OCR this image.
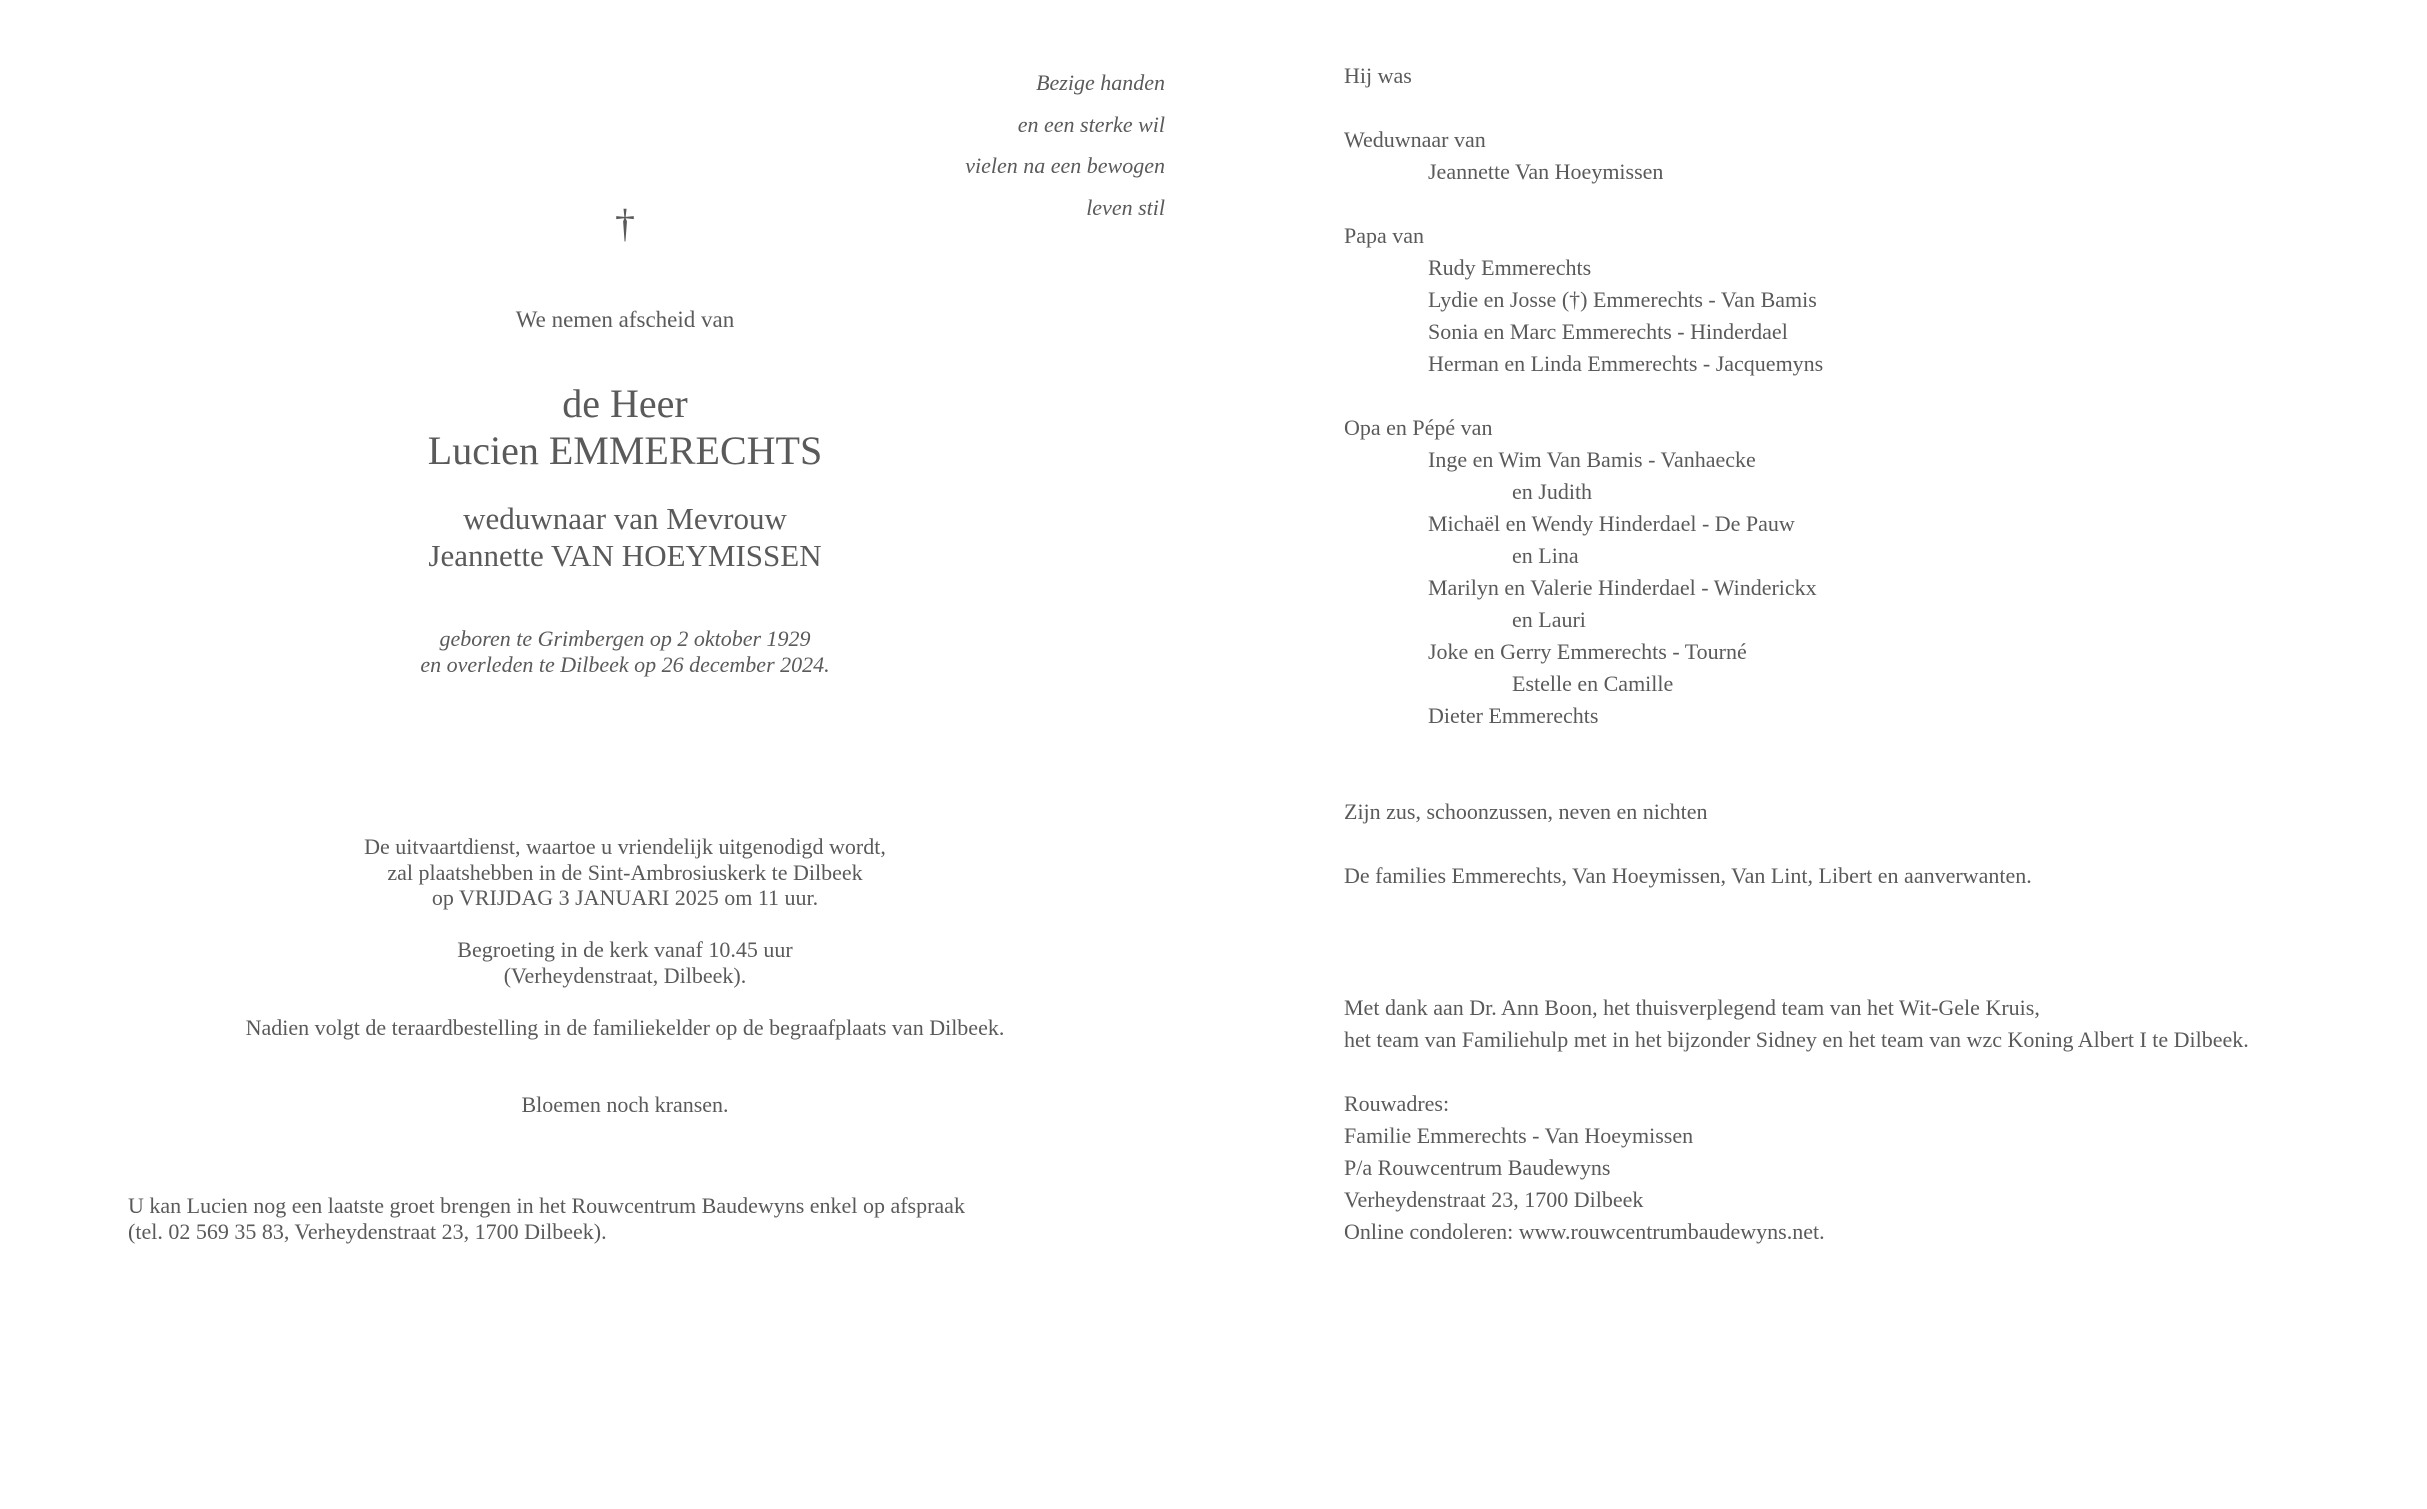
Bezige handen
en een sterke wil
vielen na een bewogen
leven stil
†
We nemen afscheid van
de Heer
Lucien EMMERECHTS
weduwnaar van Mevrouw
Jeannette VAN HOEYMISSEN
geboren te Grimbergen op 2 oktober 1929
en overleden te Dilbeek op 26 december 2024.
De uitvaartdienst, waartoe u vriendelijk uitgenodigd wordt,
zal plaatshebben in de Sint-Ambrosiuskerk te Dilbeek
op VRIJDAG 3 JANUARI 2025 om 11 uur.
Begroeting in de kerk vanaf 10.45 uur
(Verheydenstraat, Dilbeek).
Nadien volgt de teraardbestelling in de familiekelder op de begraafplaats van Dilbeek.
Bloemen noch kransen.
U kan Lucien nog een laatste groet brengen in het Rouwcentrum Baudewyns enkel op afspraak
(tel. 02 569 35 83, Verheydenstraat 23, 1700 Dilbeek).
Hij was
Weduwnaar van
Jeannette Van Hoeymissen
Papa van
Rudy Emmerechts
Lydie en Josse (†) Emmerechts - Van Bamis
Sonia en Marc Emmerechts - Hinderdael
Herman en Linda Emmerechts - Jacquemyns
Opa en Pépé van
Inge en Wim Van Bamis - Vanhaecke
en Judith
Michaël en Wendy Hinderdael - De Pauw
en Lina
Marilyn en Valerie Hinderdael - Winderickx
en Lauri
Joke en Gerry Emmerechts - Tourné
Estelle en Camille
Dieter Emmerechts
Zijn zus, schoonzussen, neven en nichten
De families Emmerechts, Van Hoeymissen, Van Lint, Libert en aanverwanten.
Met dank aan Dr. Ann Boon, het thuisverplegend team van het Wit-Gele Kruis,
het team van Familiehulp met in het bijzonder Sidney en het team van wzc Koning Albert I te Dilbeek.
Rouwadres:
Familie Emmerechts - Van Hoeymissen
P/a Rouwcentrum Baudewyns
Verheydenstraat 23, 1700 Dilbeek
Online condoleren: www.rouwcentrumbaudewyns.net.
